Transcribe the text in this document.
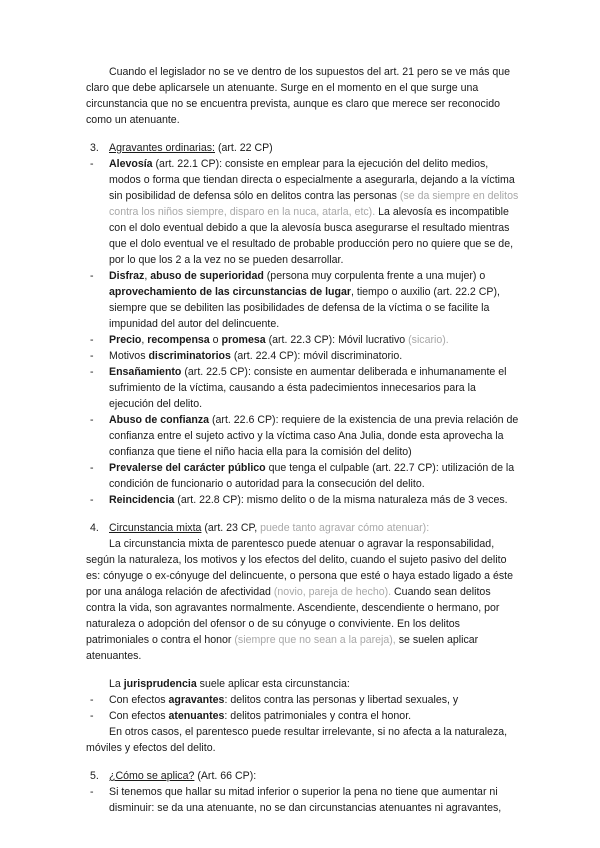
Cuando el legislador no se ve dentro de los supuestos del art. 21 pero se ve más que claro que debe aplicarsele un atenuante. Surge en el momento en el que surge una circunstancia que no se encuentra prevista, aunque es claro que merece ser reconocido como un atenuante.

3. Agravantes ordinarias: (art. 22 CP)
- Alevosía (art. 22.1 CP): consiste en emplear para la ejecución del delito medios, modos o forma que tiendan directa o especialmente a asegurarla, dejando a la víctima sin posibilidad de defensa sólo en delitos contra las personas (se da siempre en delitos contra los niños siempre, disparo en la nuca, atarla, etc). La alevosía es incompatible con el dolo eventual debido a que la alevosía busca asegurarse el resultado mientras que el dolo eventual ve el resultado de probable producción pero no quiere que se de, por lo que los 2 a la vez no se pueden desarrollar.
- Disfraz, abuso de superioridad (persona muy corpulenta frente a una mujer) o aprovechamiento de las circunstancias de lugar, tiempo o auxilio (art. 22.2 CP), siempre que se debiliten las posibilidades de defensa de la víctima o se facilite la impunidad del autor del delincuente.
- Precio, recompensa o promesa (art. 22.3 CP): Móvil lucrativo (sicario).
- Motivos discriminatorios (art. 22.4 CP): móvil discriminatorio.
- Ensañamiento (art. 22.5 CP): consiste en aumentar deliberada e inhumanamente el sufrimiento de la víctima, causando a ésta padecimientos innecesarios para la ejecución del delito.
- Abuso de confianza (art. 22.6 CP): requiere de la existencia de una previa relación de confianza entre el sujeto activo y la víctima caso Ana Julia, donde esta aprovecha la confianza que tiene el niño hacia ella para la comisión del delito)
- Prevalerse del carácter público que tenga el culpable (art. 22.7 CP): utilización de la condición de funcionario o autoridad para la consecución del delito.
- Reincidencia (art. 22.8 CP): mismo delito o de la misma naturaleza más de 3 veces.
4. Circunstancia mixta (art. 23 CP, puede tanto agravar cómo atenuar):

La circunstancia mixta de parentesco puede atenuar o agravar la responsabilidad, según la naturaleza, los motivos y los efectos del delito, cuando el sujeto pasivo del delito es: cónyuge o ex-cónyuge del delincuente, o persona que esté o haya estado ligado a éste por una análoga relación de afectividad (novio, pareja de hecho). Cuando sean delitos contra la vida, son agravantes normalmente. Ascendiente, descendiente o hermano, por naturaleza o adopción del ofensor o de su cónyuge o conviviente. En los delitos patrimoniales o contra el honor (siempre que no sean a la pareja), se suelen aplicar atenuantes.

La jurisprudencia suele aplicar esta circunstancia:

- Con efectos agravantes: delitos contra las personas y libertad sexuales, y
- Con efectos atenuantes: delitos patrimoniales y contra el honor.

En otros casos, el parentesco puede resultar irrelevante, si no afecta a la naturaleza, móviles y efectos del delito.

5. ¿Cómo se aplica? (Art. 66 CP):
- Si tenemos que hallar su mitad inferior o superior la pena no tiene que aumentar ni disminuir: se da una atenuante, no se dan circunstancias atenuantes ni agravantes,
